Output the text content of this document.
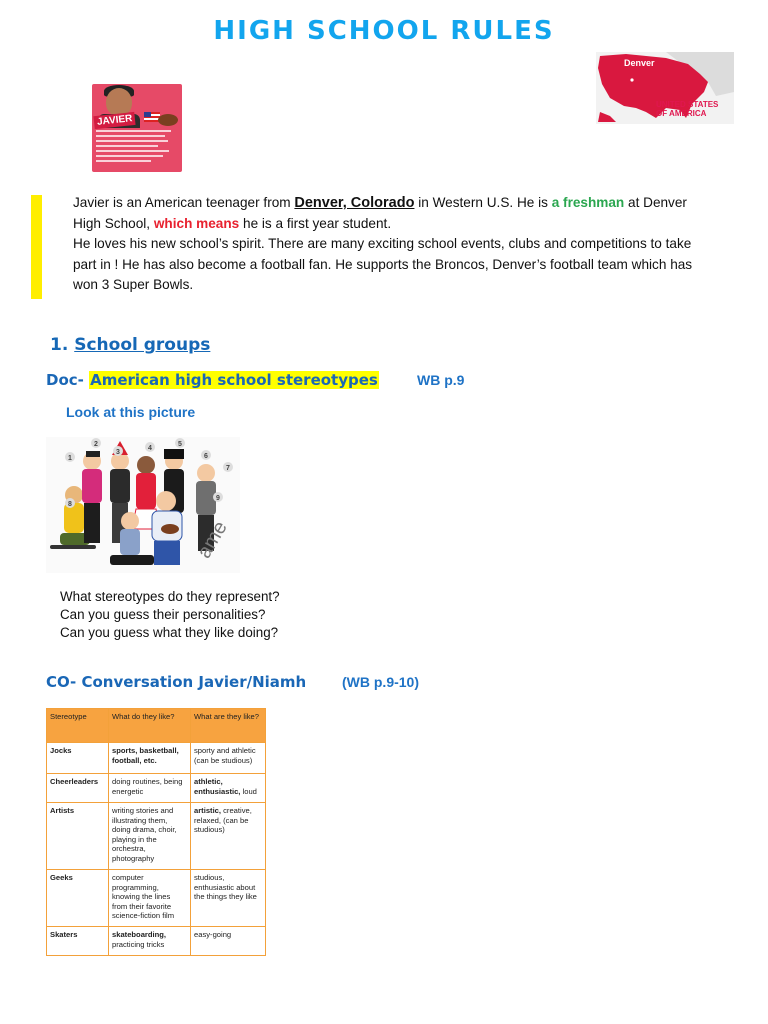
HIGH SCHOOL RULES
JAVIER
Denver
UNITED STATES
OF AMERICA
Javier is an American teenager from Denver, Colorado in Western U.S. He is a freshman at Denver High School, which means he is a first year student.
He loves his new school’s spirit. There are many exciting school events, clubs and competitions to take part in ! He has also become a football fan. He supports the Broncos, Denver’s football team which has won 3 Super Bowls.
1. School groups
Doc- American high school stereotypes	WB p.9
Look at this picture
ame
1
2
3
4
5
6
7
8
9
What stereotypes do they represent?
Can you guess their personalities?
Can you guess what they like doing?
CO- Conversation Javier/Niamh	(WB p.9-10)
Stereotype	What do they like?	What are they like?
Jocks	sports, basketball, football, etc.	sporty and athletic (can be studious)
Cheerleaders	doing routines, being energetic	athletic, enthusiastic, loud
Artists	writing stories and illustrating them, doing drama, choir, playing in the orchestra, photography	artistic, creative, relaxed, (can be studious)
Geeks	computer programming, knowing the lines from their favorite science-fiction film	studious, enthusiastic about the things they like
Skaters	skateboarding, practicing tricks	easy-going
